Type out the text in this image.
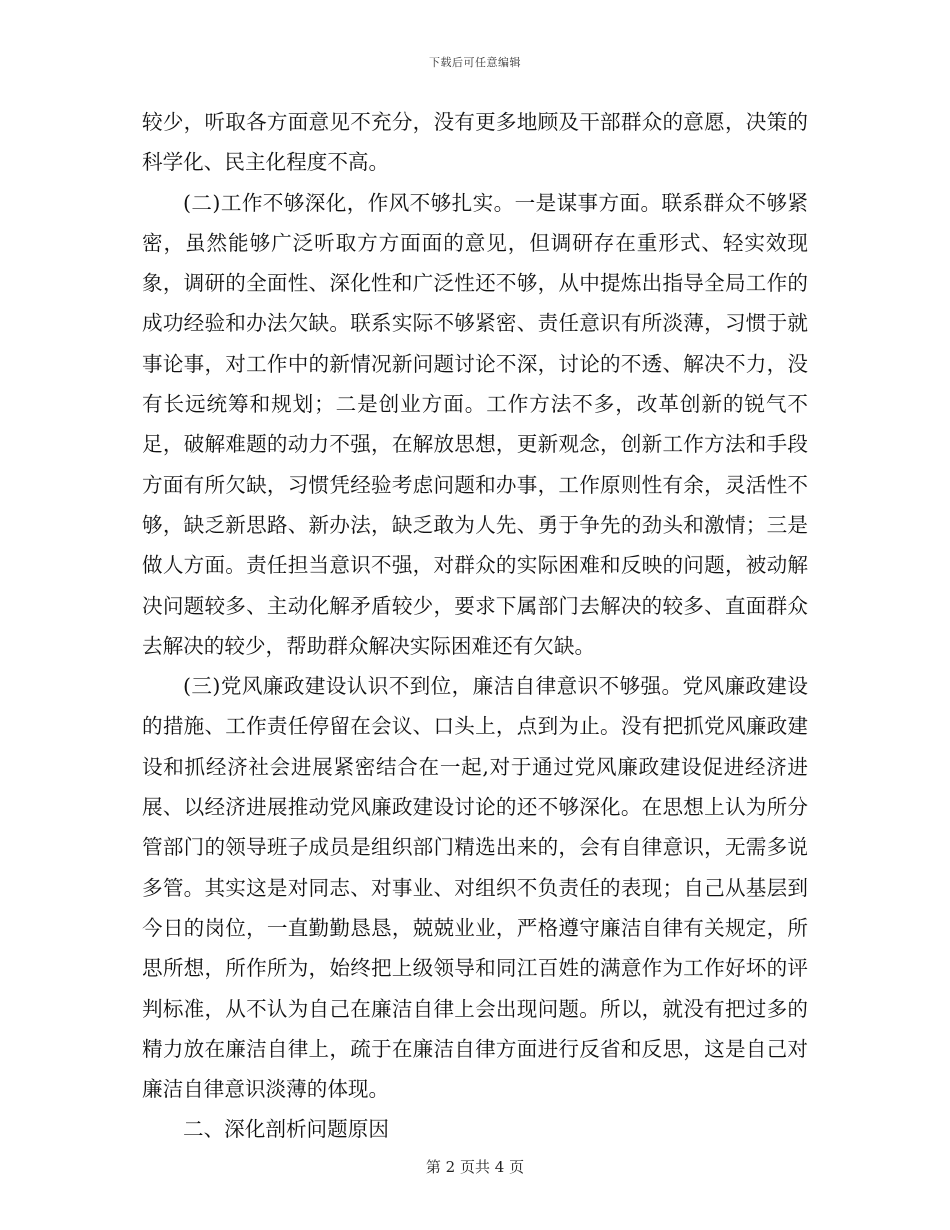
下载后可任意编辑

较少，听取各方面意见不充分，没有更多地顾及干部群众的意愿，决策的科学化、民主化程度不高。

(二)工作不够深化，作风不够扎实。一是谋事方面。联系群众不够紧密，虽然能够广泛听取方方面面的意见，但调研存在重形式、轻实效现象，调研的全面性、深化性和广泛性还不够，从中提炼出指导全局工作的成功经验和办法欠缺。联系实际不够紧密、责任意识有所淡薄，习惯于就事论事，对工作中的新情况新问题讨论不深，讨论的不透、解决不力，没有长远统筹和规划；二是创业方面。工作方法不多，改革创新的锐气不足，破解难题的动力不强，在解放思想，更新观念，创新工作方法和手段方面有所欠缺，习惯凭经验考虑问题和办事，工作原则性有余，灵活性不够，缺乏新思路、新办法，缺乏敢为人先、勇于争先的劲头和激情；三是做人方面。责任担当意识不强，对群众的实际困难和反映的问题，被动解决问题较多、主动化解矛盾较少，要求下属部门去解决的较多、直面群众去解决的较少，帮助群众解决实际困难还有欠缺。

(三)党风廉政建设认识不到位，廉洁自律意识不够强。党风廉政建设的措施、工作责任停留在会议、口头上，点到为止。没有把抓党风廉政建设和抓经济社会进展紧密结合在一起,对于通过党风廉政建设促进经济进展、以经济进展推动党风廉政建设讨论的还不够深化。在思想上认为所分管部门的领导班子成员是组织部门精选出来的，会有自律意识，无需多说多管。其实这是对同志、对事业、对组织不负责任的表现；自己从基层到今日的岗位，一直勤勤恳恳，兢兢业业，严格遵守廉洁自律有关规定，所思所想，所作所为，始终把上级领导和同江百姓的满意作为工作好坏的评判标准，从不认为自己在廉洁自律上会出现问题。所以，就没有把过多的精力放在廉洁自律上，疏于在廉洁自律方面进行反省和反思，这是自己对廉洁自律意识淡薄的体现。

二、深化剖析问题原因

第 2 页共 4 页
